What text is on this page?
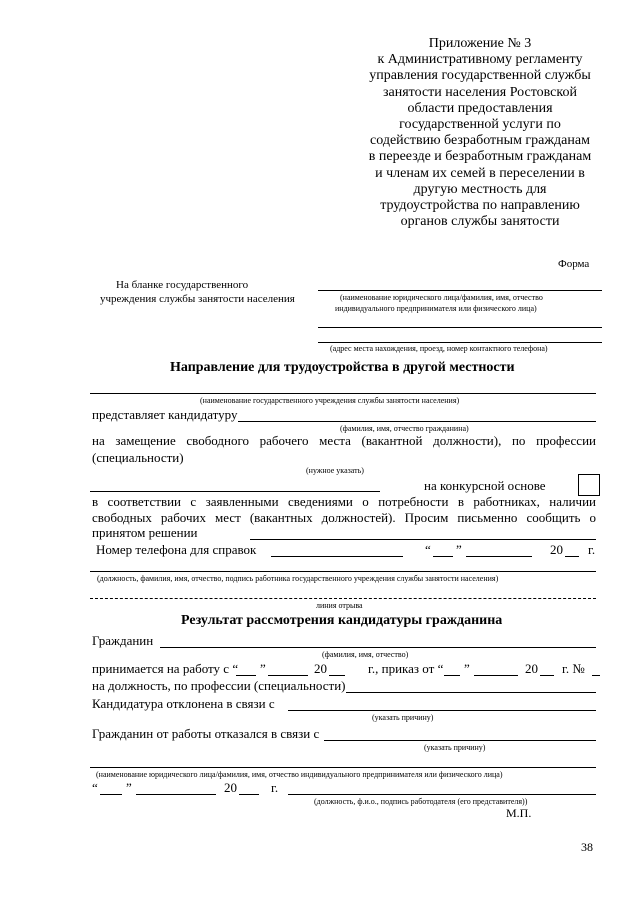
Приложение № 3
к Административному регламенту
управления государственной службы
занятости населения Ростовской
области предоставления
государственной услуги по
содействию безработным гражданам
в переезде и безработным гражданам
и членам их семей в переселении в
другую местность для
трудоустройства по направлению
органов службы занятости
Форма
На бланке государственного
учреждения службы занятости населения	(наименование юридического лица/фамилия, имя, отчество
индивидуального предпринимателя или физического лица)
(адрес места нахождения, проезд, номер контактного телефона)
Направление для трудоустройства в другой местности
(наименование государственного учреждения службы занятости населения)
представляет кандидатуру
(фамилия, имя, отчество гражданина)
на замещение свободного рабочего места (вакантной должности), по профессии
(специальности)
(нужное указать)
на конкурсной основе
в соответствии с заявленными сведениями о потребности в работниках, наличии
свободных рабочих мест (вакантных должностей). Просим письменно сообщить о
принятом решении
Номер телефона для справок	“ ”	20 г.
(должность, фамилия, имя, отчество, подпись работника государственного учреждения службы занятости населения)
линия отрыва
Результат рассмотрения кандидатуры гражданина
Гражданин
(фамилия, имя, отчество)
принимается на работу с “ ”	20	г., приказ от “ ”	20 г. №
на должность, по профессии (специальности)
Кандидатура отклонена в связи с
(указать причину)
Гражданин от работы отказался в связи с
(указать причину)
(наименование юридического лица/фамилия, имя, отчество индивидуального предпринимателя или физического лица)
“ ”	20	г.
(должность, ф.и.о., подпись работодателя (его представителя))
М.П.
38
